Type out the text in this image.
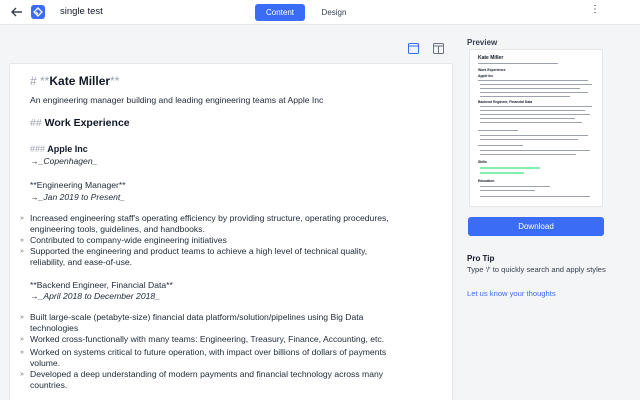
single test	Content	Design	⋮
# **Kate Miller**
An engineering manager building and leading engineering teams at Apple Inc
## Work Experience
### Apple Inc
→_Copenhagen_
**Engineering Manager**
→_Jan 2019 to Present_
» Increased engineering staff's operating efficiency by providing structure, operating procedures,
engineering tools, guidelines, and handbooks.
» Contributed to company-wide engineering initiatives
» Supported the engineering and product teams to achieve a high level of technical quality,
reliability, and ease-of-use.
**Backend Engineer, Financial Data**
→_April 2018 to December 2018_
» Built large-scale (petabyte-size) financial data platform/solution/pipelines using Big Data
technologies
» Worked cross-functionally with many teams: Engineering, Treasury, Finance, Accounting, etc.
» Worked on systems critical to future operation, with impact over billions of dollars of payments
volume.
» Developed a deep understanding of modern payments and financial technology across many
countries.
Preview
Kate Miller
Work Experience
Apple Inc
Backend Engineer, Financial Data
Skills
Education
Download
Pro Tip
Type '/' to quickly search and apply styles
Let us know your thoughts
